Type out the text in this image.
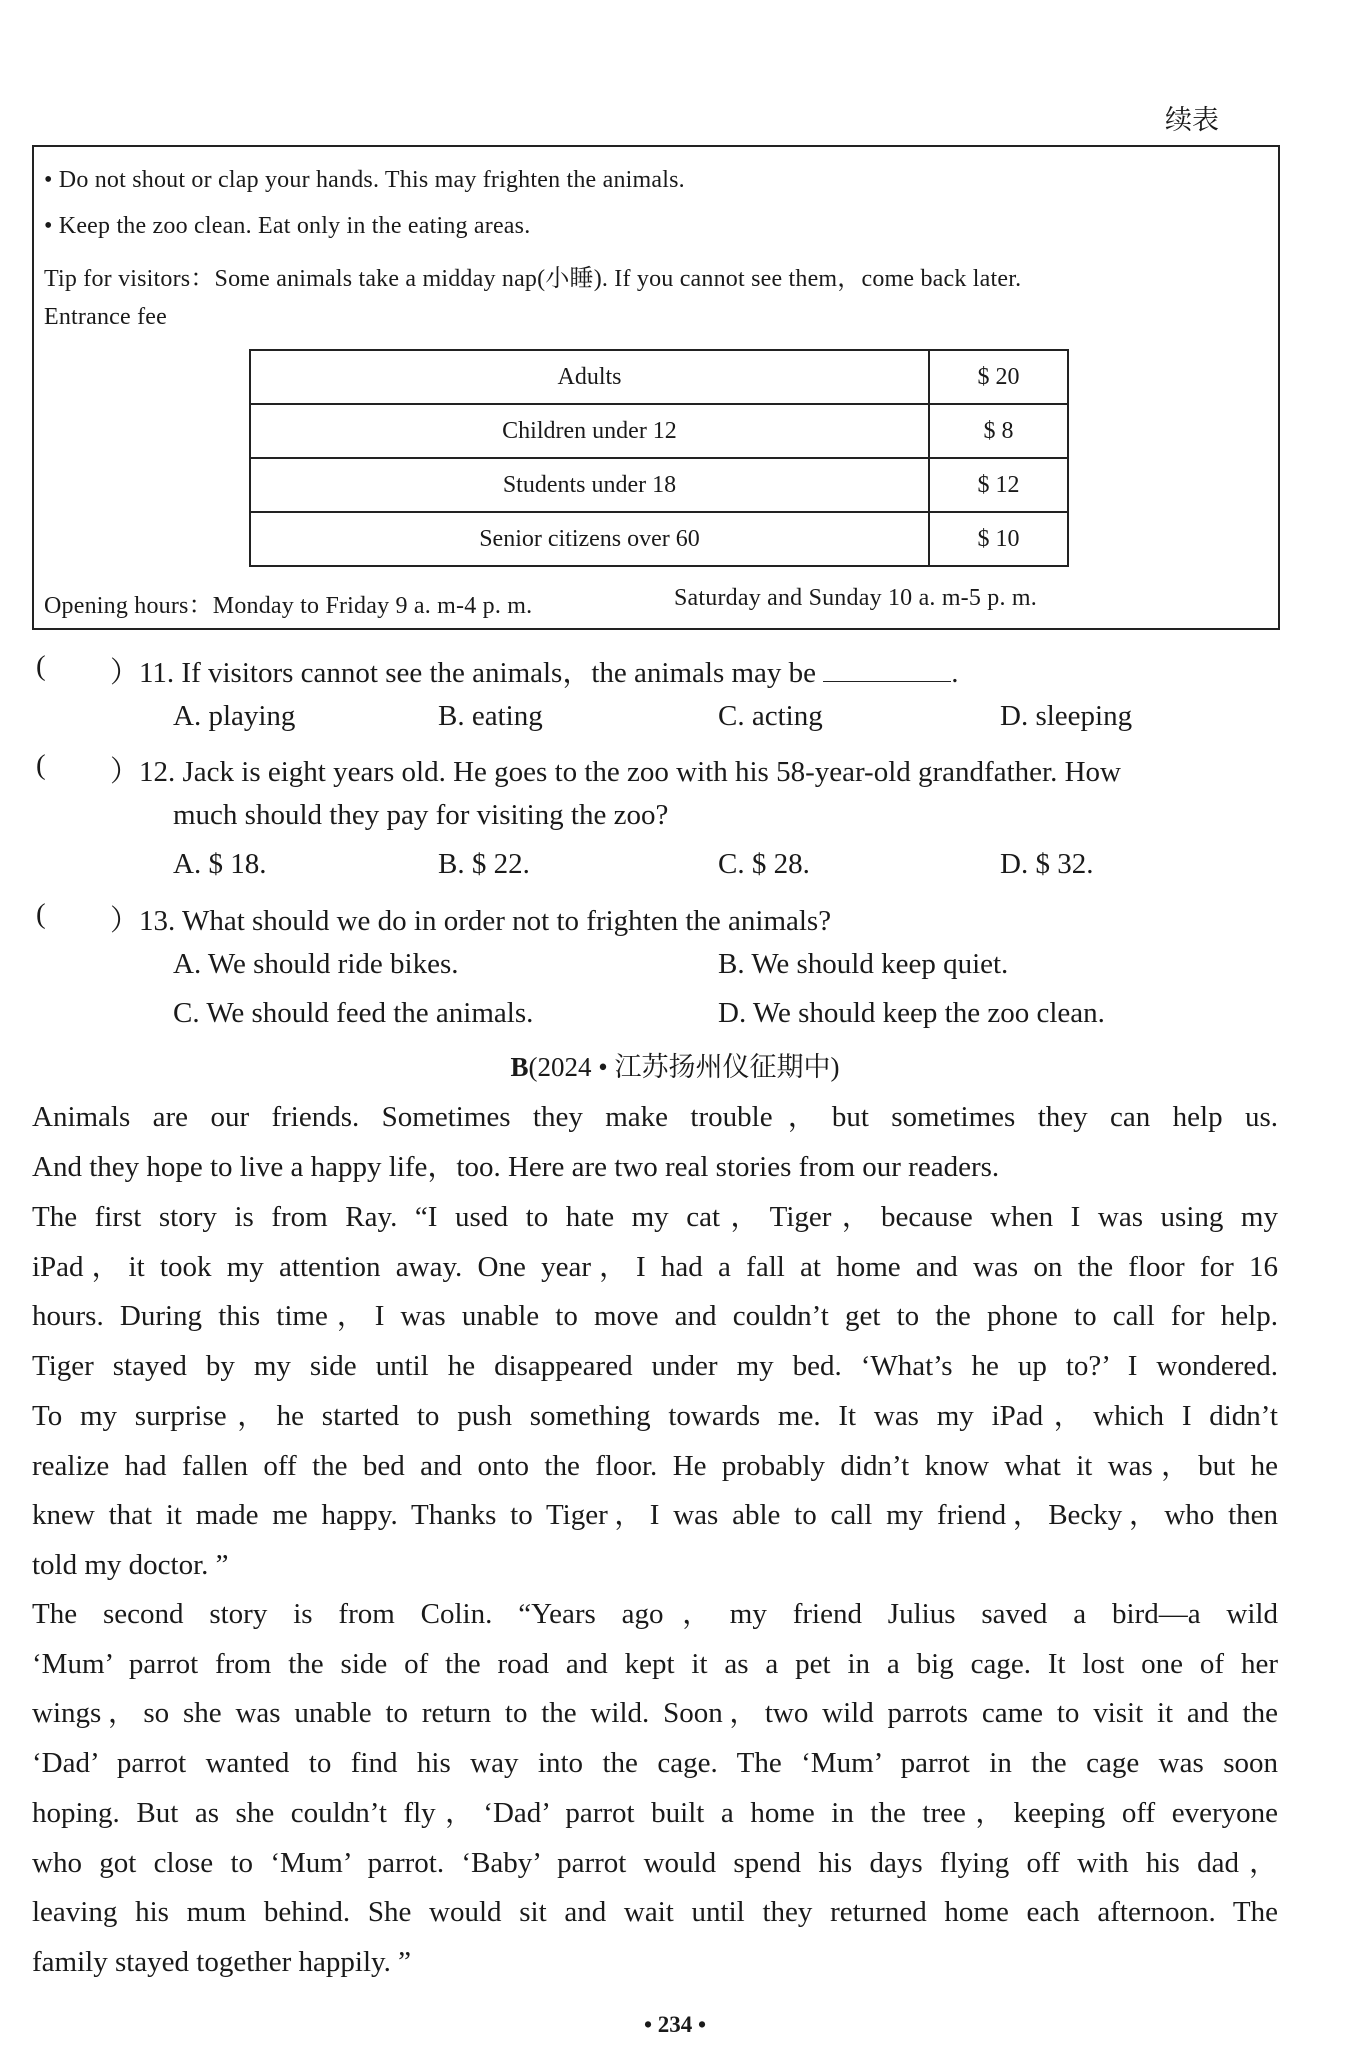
续表
• Do not shout or clap your hands. This may frighten the animals.
• Keep the zoo clean. Eat only in the eating areas.
Tip for visitors：Some animals take a midday nap(小睡). If you cannot see them，come back later.
Entrance fee
Adults	$ 20
Children under 12	$ 8
Students under 18	$ 12
Senior citizens over 60	$ 10
Opening hours：Monday to Friday 9 a. m-4 p. m.	Saturday and Sunday 10 a. m-5 p. m.
( ）11. If visitors cannot see the animals，the animals may be	.
A. playing	B. eating	C. acting	D. sleeping
( ）12. Jack is eight years old. He goes to the zoo with his 58-year-old grandfather. How
much should they pay for visiting the zoo?
A. $ 18.	B. $ 22.	C. $ 28.	D. $ 32.
( ）13. What should we do in order not to frighten the animals?
A. We should ride bikes.	B. We should keep quiet.
C. We should feed the animals.	D. We should keep the zoo clean.
B(2024 • 江苏扬州仪征期中)
Animals are our friends. Sometimes they make trouble，but sometimes they can help us.
And they hope to live a happy life，too. Here are two real stories from our readers.
The first story is from Ray. “I used to hate my cat，Tiger，because when I was using my
iPad，it took my attention away. One year，I had a fall at home and was on the floor for 16
hours. During this time，I was unable to move and couldn’t get to the phone to call for help.
Tiger stayed by my side until he disappeared under my bed. ‘What’s he up to?’ I wondered.
To my surprise，he started to push something towards me. It was my iPad，which I didn’t
realize had fallen off the bed and onto the floor. He probably didn’t know what it was，but he
knew that it made me happy. Thanks to Tiger，I was able to call my friend，Becky，who then
told my doctor. ”
The second story is from Colin. “Years ago，my friend Julius saved a bird—a wild
‘Mum’ parrot from the side of the road and kept it as a pet in a big cage. It lost one of her
wings，so she was unable to return to the wild. Soon，two wild parrots came to visit it and the
‘Dad’ parrot wanted to find his way into the cage. The ‘Mum’ parrot in the cage was soon
hoping. But as she couldn’t fly，‘Dad’ parrot built a home in the tree，keeping off everyone
who got close to ‘Mum’ parrot. ‘Baby’ parrot would spend his days flying off with his dad，
leaving his mum behind. She would sit and wait until they returned home each afternoon. The
family stayed together happily. ”
• 234 •
